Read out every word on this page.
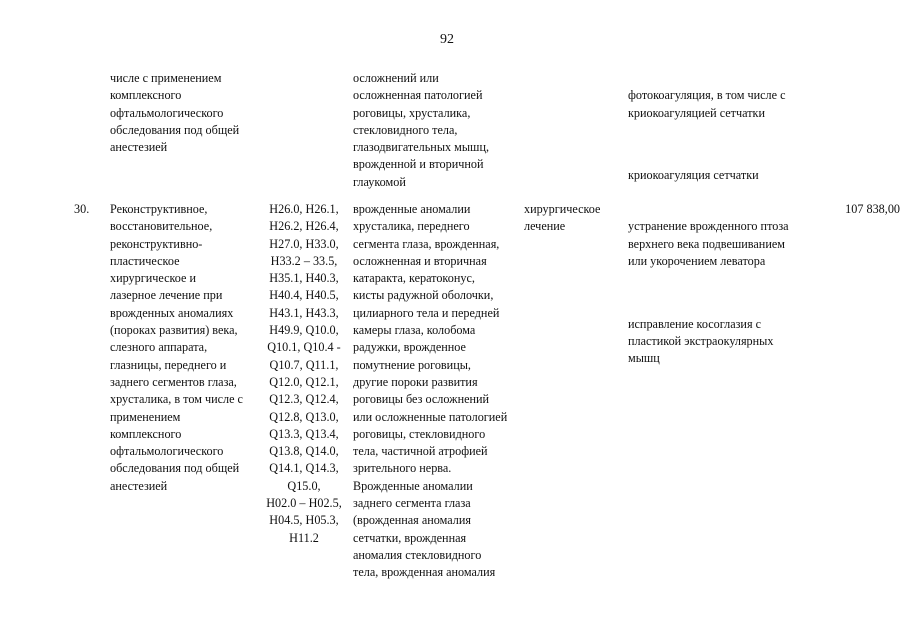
92
числе с применением
комплексного
офтальмологического
обследования под общей
анестезией
осложнений или
осложненная патологией
роговицы, хрусталика,
стекловидного тела,
глазодвигательных мышц,
врожденной и вторичной
глаукомой

фотокоагуляция, в том числе с
криокоагуляцией сетчатки

криокоагуляция сетчатки

30.	Реконструктивное,
восстановительное,
реконструктивно-
пластическое
хирургическое и
лазерное лечение при
врожденных аномалиях
(пороках развития) века,
слезного аппарата,
глазницы, переднего и
заднего сегментов глаза,
хрусталика, в том числе с
применением
комплексного
офтальмологического
обследования под общей
анестезией
H26.0, H26.1,
H26.2, H26.4,
H27.0, H33.0,
H33.2 – 33.5,
H35.1, H40.3,
H40.4, H40.5,
H43.1, H43.3,
H49.9, Q10.0,
Q10.1, Q10.4 -
Q10.7, Q11.1,
Q12.0, Q12.1,
Q12.3, Q12.4,
Q12.8, Q13.0,
Q13.3, Q13.4,
Q13.8, Q14.0,
Q14.1, Q14.3,
Q15.0,
H02.0 – H02.5,
H04.5, H05.3,
H11.2
врожденные аномалии
хрусталика, переднего
сегмента глаза, врожденная,
осложненная и вторичная
катаракта, кератоконус,
кисты радужной оболочки,
цилиарного тела и передней
камеры глаза, колобома
радужки, врожденное
помутнение роговицы,
другие пороки развития
роговицы без осложнений
или осложненные патологией
роговицы, стекловидного
тела, частичной атрофией
зрительного нерва.
Врожденные аномалии
заднего сегмента глаза
(врожденная аномалия
сетчатки, врожденная
аномалия стекловидного
тела, врожденная аномалия
хирургическое
лечение	устранение врожденного птоза
верхнего века подвешиванием
или укорочением леватора

исправление косоглазия с
пластикой экстраокулярных
мышц

107 838,00
